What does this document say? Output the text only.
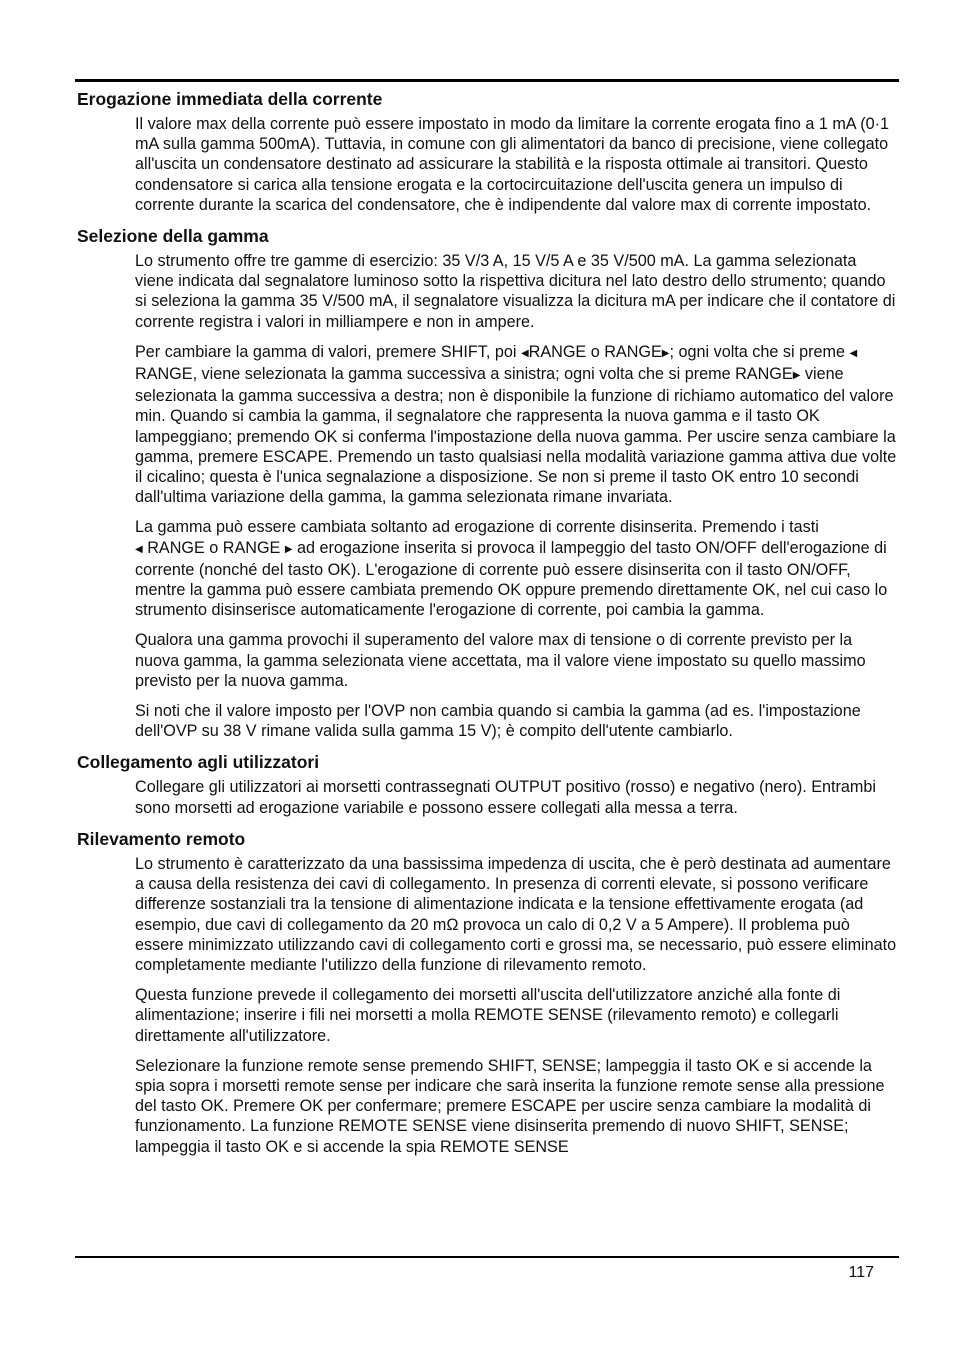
Erogazione immediata della corrente

Il valore max della corrente può essere impostato in modo da limitare la corrente erogata fino a 1 mA (0·1 mA sulla gamma 500mA). Tuttavia, in comune con gli alimentatori da banco di precisione, viene collegato all'uscita un condensatore destinato ad assicurare la stabilità e la risposta ottimale ai transitori. Questo condensatore si carica alla tensione erogata e la cortocircuitazione dell'uscita genera un impulso di corrente durante la scarica del condensatore, che è indipendente dal valore max di corrente impostato.

Selezione della gamma

Lo strumento offre tre gamme di esercizio: 35 V/3 A, 15 V/5 A e 35 V/500 mA. La gamma selezionata viene indicata dal segnalatore luminoso sotto la rispettiva dicitura nel lato destro dello strumento; quando si seleziona la gamma 35 V/500 mA, il segnalatore visualizza la dicitura mA per indicare che il contatore di corrente registra i valori in milliampere e non in ampere.

Per cambiare la gamma di valori, premere SHIFT, poi ◀RANGE o RANGE▶; ogni volta che si preme ◀RANGE, viene selezionata la gamma successiva a sinistra; ogni volta che si preme RANGE▶ viene selezionata la gamma successiva a destra; non è disponibile la funzione di richiamo automatico del valore min. Quando si cambia la gamma, il segnalatore che rappresenta la nuova gamma e il tasto OK lampeggiano; premendo OK si conferma l'impostazione della nuova gamma. Per uscire senza cambiare la gamma, premere ESCAPE. Premendo un tasto qualsiasi nella modalità variazione gamma attiva due volte il cicalino; questa è l'unica segnalazione a disposizione. Se non si preme il tasto OK entro 10 secondi dall'ultima variazione della gamma, la gamma selezionata rimane invariata.

La gamma può essere cambiata soltanto ad erogazione di corrente disinserita. Premendo i tasti
◀ RANGE o RANGE ▶ ad erogazione inserita si provoca il lampeggio del tasto ON/OFF dell'erogazione di corrente (nonché del tasto OK). L'erogazione di corrente può essere disinserita con il tasto ON/OFF, mentre la gamma può essere cambiata premendo OK oppure premendo direttamente OK, nel cui caso lo strumento disinserisce automaticamente l'erogazione di corrente, poi cambia la gamma.

Qualora una gamma provochi il superamento del valore max di tensione o di corrente previsto per la nuova gamma, la gamma selezionata viene accettata, ma il valore viene impostato su quello massimo previsto per la nuova gamma.

Si noti che il valore imposto per l'OVP non cambia quando si cambia la gamma (ad es. l'impostazione dell'OVP su 38 V rimane valida sulla gamma 15 V); è compito dell'utente cambiarlo.

Collegamento agli utilizzatori

Collegare gli utilizzatori ai morsetti contrassegnati OUTPUT positivo (rosso) e negativo (nero). Entrambi sono morsetti ad erogazione variabile e possono essere collegati alla messa a terra.

Rilevamento remoto

Lo strumento è caratterizzato da una bassissima impedenza di uscita, che è però destinata ad aumentare a causa della resistenza dei cavi di collegamento. In presenza di correnti elevate, si possono verificare differenze sostanziali tra la tensione di alimentazione indicata e la tensione effettivamente erogata (ad esempio, due cavi di collegamento da 20 mΩ provoca un calo di 0,2 V a 5 Ampere). Il problema può essere minimizzato utilizzando cavi di collegamento corti e grossi ma, se necessario, può essere eliminato completamente mediante l'utilizzo della funzione di rilevamento remoto.

Questa funzione prevede il collegamento dei morsetti all'uscita dell'utilizzatore anziché alla fonte di alimentazione; inserire i fili nei morsetti a molla REMOTE SENSE (rilevamento remoto) e collegarli direttamente all'utilizzatore.

Selezionare la funzione remote sense premendo SHIFT, SENSE; lampeggia il tasto OK e si accende la spia sopra i morsetti remote sense per indicare che sarà inserita la funzione remote sense alla pressione del tasto OK. Premere OK per confermare; premere ESCAPE per uscire senza cambiare la modalità di funzionamento. La funzione REMOTE SENSE viene disinserita premendo di nuovo SHIFT, SENSE; lampeggia il tasto OK e si accende la spia REMOTE SENSE

117
